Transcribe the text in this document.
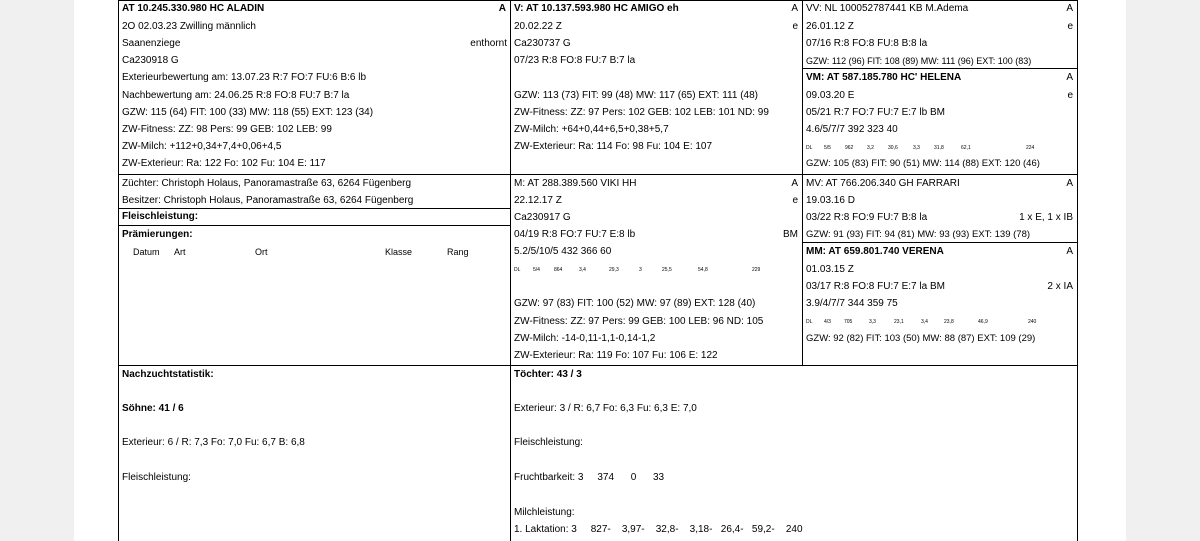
AT 10.245.330.980 HC ALADIN	A
2O 02.03.23 Zwilling männlich
Saanenziege	enthornt
Ca230918 G
Exterieurbewertung am: 13.07.23 R:7 FO:7 FU:6 B:6 lb
Nachbewertung am: 24.06.25 R:8 FO:8 FU:7 B:7 la
GZW: 115 (64) FIT: 100 (33) MW: 118 (55) EXT: 123 (34)
ZW-Fitness: ZZ: 98 Pers: 99 GEB: 102 LEB: 99
ZW-Milch: +112+0,34+7,4+0,06+4,5
ZW-Exterieur: Ra: 122 Fo: 102 Fu: 104 E: 117
V: AT 10.137.593.980 HC AMIGO eh	A
20.02.22 Z	e
Ca230737 G
07/23 R:8 FO:8 FU:7 B:7 la
GZW: 113 (73) FIT: 99 (48) MW: 117 (65) EXT: 111 (48)
ZW-Fitness: ZZ: 97 Pers: 102 GEB: 102 LEB: 101 ND: 99
ZW-Milch: +64+0,44+6,5+0,38+5,7
ZW-Exterieur: Ra: 114 Fo: 98 Fu: 104 E: 107
VV: NL 100052787441 KB M.Adema	A
26.01.12 Z	e
07/16 R:8 FO:8 FU:8 B:8 la
GZW: 112 (96) FIT: 108 (89) MW: 111 (96) EXT: 100 (83)
VM: AT 587.185.780 HC' HELENA	A
09.03.20 E	e
05/21 R:7 FO:7 FU:7 E:7 lb BM
4.6/5/7/7 392 323 40
DL 5/5	962	3,2	30,6	3,3	31,8	62,1	224
GZW: 105 (83) FIT: 90 (51) MW: 114 (88) EXT: 120 (46)
Züchter: Christoph Holaus, Panoramastraße 63, 6264 Fügenberg
Besitzer: Christoph Holaus, Panoramastraße 63, 6264 Fügenberg
Fleischleistung:
Prämierungen:
Datum Art	Ort	Klasse	Rang
M: AT 288.389.560 VIKI HH	A
22.12.17 Z	e
Ca230917 G
04/19 R:8 FO:7 FU:7 E:8 lb	BM
5.2/5/10/5 432 366 60
DL	5/4	864	3,4	29,3	3	25,5	54,8	229
GZW: 97 (83) FIT: 100 (52) MW: 97 (89) EXT: 128 (40)
ZW-Fitness: ZZ: 97 Pers: 99 GEB: 100 LEB: 96 ND: 105
ZW-Milch: -14-0,11-1,1-0,14-1,2
ZW-Exterieur: Ra: 119 Fo: 107 Fu: 106 E: 122
MV: AT 766.206.340 GH FARRARI	A
19.03.16 D
03/22 R:8 FO:9 FU:7 B:8 la	1 x E, 1 x IB
GZW: 91 (93) FIT: 94 (81) MW: 93 (93) EXT: 139 (78)
MM: AT 659.801.740 VERENA	A
01.03.15 Z
03/17 R:8 FO:8 FU:7 E:7 la BM	2 x IA
3.9/4/7/7 344 359 75
DL 4/3	705	3,3	23,1	3,4	23,8	46,9	240
GZW: 92 (82) FIT: 103 (50) MW: 88 (87) EXT: 109 (29)
Nachzuchtstatistik:
Söhne: 41 / 6
Exterieur: 6 / R: 7,3 Fo: 7,0 Fu: 6,7 B: 6,8
Fleischleistung:
Töchter: 43 / 3
Exterieur: 3 / R: 6,7 Fo: 6,3 Fu: 6,3 E: 7,0
Fleischleistung:
Fruchtbarkeit: 3     374      0      33
Milchleistung:
1. Laktation: 3     827-    3,97-    32,8-    3,18-   26,4-   59,2-    240
